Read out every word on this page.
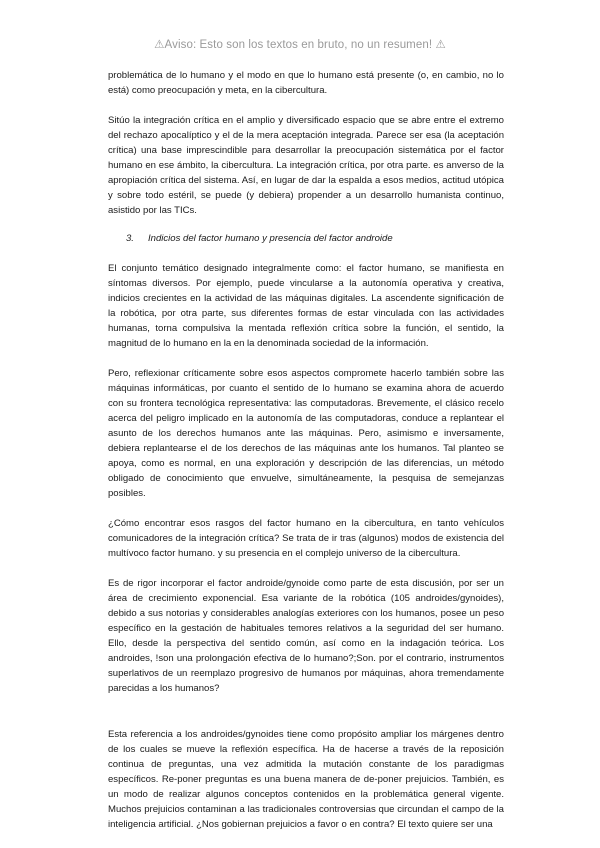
⚠Aviso: Esto son los textos en bruto, no un resumen! ⚠

problemática de lo humano y el modo en que lo humano está presente (o, en cambio, no lo está) como preocupación y meta, en la cibercultura.

Sitúo la integración crítica en el amplio y diversificado espacio que se abre entre el extremo del rechazo apocalíptico y el de la mera aceptación integrada. Parece ser esa (la aceptación crítica) una base imprescindible para desarrollar la preocupación sistemática por el factor humano en ese ámbito, la cibercultura. La integración crítica, por otra parte. es anverso de la apropiación crítica del sistema. Así, en lugar de dar la espalda a esos medios, actitud utópica y sobre todo estéril, se puede (y debiera) propender a un desarrollo humanista continuo, asistido por las TICs.

3. Indicios del factor humano y presencia del factor androide

El conjunto temático designado integralmente como: el factor humano, se manifiesta en síntomas diversos. Por ejemplo, puede vincularse a la autonomía operativa y creativa, indicios crecientes en la actividad de las máquinas digitales. La ascendente significación de la robótica, por otra parte, sus diferentes formas de estar vinculada con las actividades humanas, torna compulsiva la mentada reflexión crítica sobre la función, el sentido, la magnitud de lo humano en la en la denominada sociedad de la información.

Pero, reflexionar críticamente sobre esos aspectos compromete hacerlo también sobre las máquinas informáticas, por cuanto el sentido de lo humano se examina ahora de acuerdo con su frontera tecnológica representativa: las computadoras. Brevemente, el clásico recelo acerca del peligro implicado en la autonomía de las computadoras, conduce a replantear el asunto de los derechos humanos ante las máquinas. Pero, asimismo e inversamente, debiera replantearse el de los derechos de las máquinas ante los humanos. Tal planteo se apoya, como es normal, en una exploración y descripción de las diferencias, un método obligado de conocimiento que envuelve, simultáneamente, la pesquisa de semejanzas posibles.

¿Cómo encontrar esos rasgos del factor humano en la cibercultura, en tanto vehículos comunicadores de la integración crítica? Se trata de ir tras (algunos) modos de existencia del multívoco factor humano. y su presencia en el complejo universo de la cibercultura.

Es de rigor incorporar el factor androide/gynoide como parte de esta discusión, por ser un área de crecimiento exponencial. Esa variante de la robótica (105 androides/gynoides), debido a sus notorias y considerables analogías exteriores con los humanos, posee un peso específico en la gestación de habituales temores relativos a la seguridad del ser humano. Ello, desde la perspectiva del sentido común, así como en la indagación teórica. Los androides, !son una prolongación efectiva de lo humano?;Son. por el contrario, instrumentos superlativos de un reemplazo progresivo de humanos por máquinas, ahora tremendamente parecidas a los humanos?

Esta referencia a los androides/gynoides tiene como propósito ampliar los márgenes dentro de los cuales se mueve la reflexión específica. Ha de hacerse a través de la reposición continua de preguntas, una vez admitida la mutación constante de los paradigmas específicos. Re-poner preguntas es una buena manera de de-poner prejuicios. También, es un modo de realizar algunos conceptos contenidos en la problemática general vigente. Muchos prejuicios contaminan a las tradicionales controversias que circundan el campo de la inteligencia artificial. ¿Nos gobiernan prejuicios a favor o en contra? El texto quiere ser una
